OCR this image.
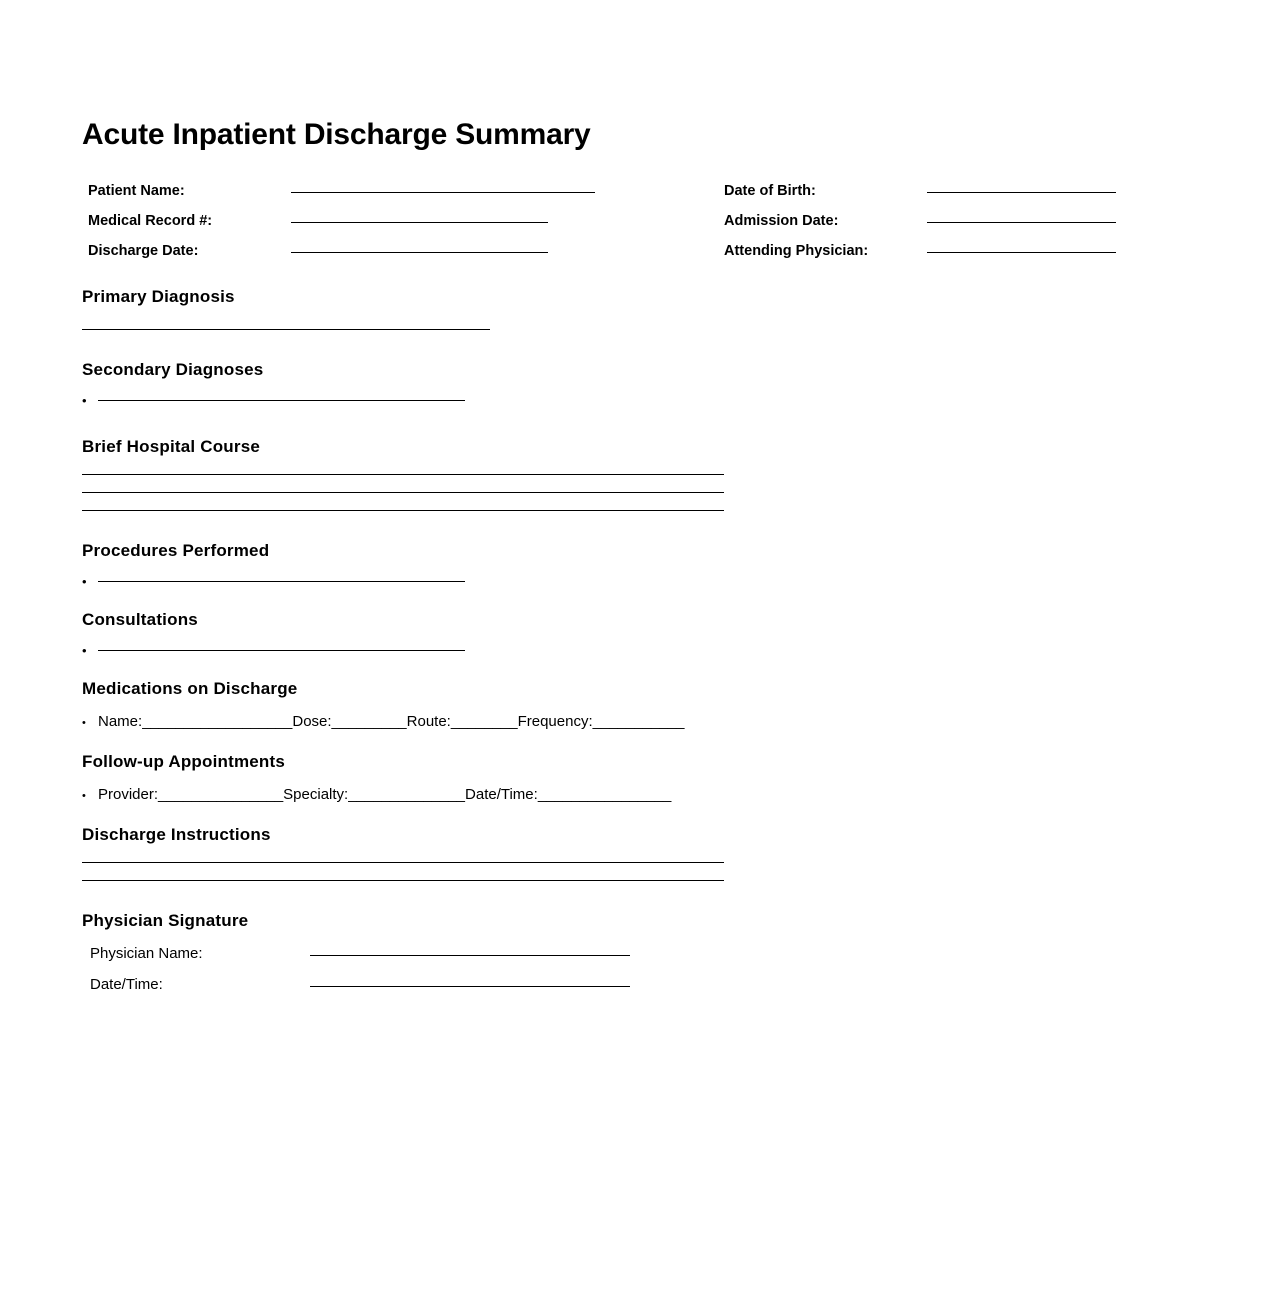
Acute Inpatient Discharge Summary
Patient Name:
Medical Record #:
Discharge Date:
Date of Birth:
Admission Date:
Attending Physician:
Primary Diagnosis
Secondary Diagnoses
•
Brief Hospital Course
Procedures Performed
•
Consultations
•
Medications on Discharge
• Name: __________________ Dose: _________ Route: ________ Frequency: ___________
Follow-up Appointments
• Provider: _______________ Specialty: ______________ Date/Time: ________________
Discharge Instructions
Physician Signature
Physician Name:
Date/Time:
